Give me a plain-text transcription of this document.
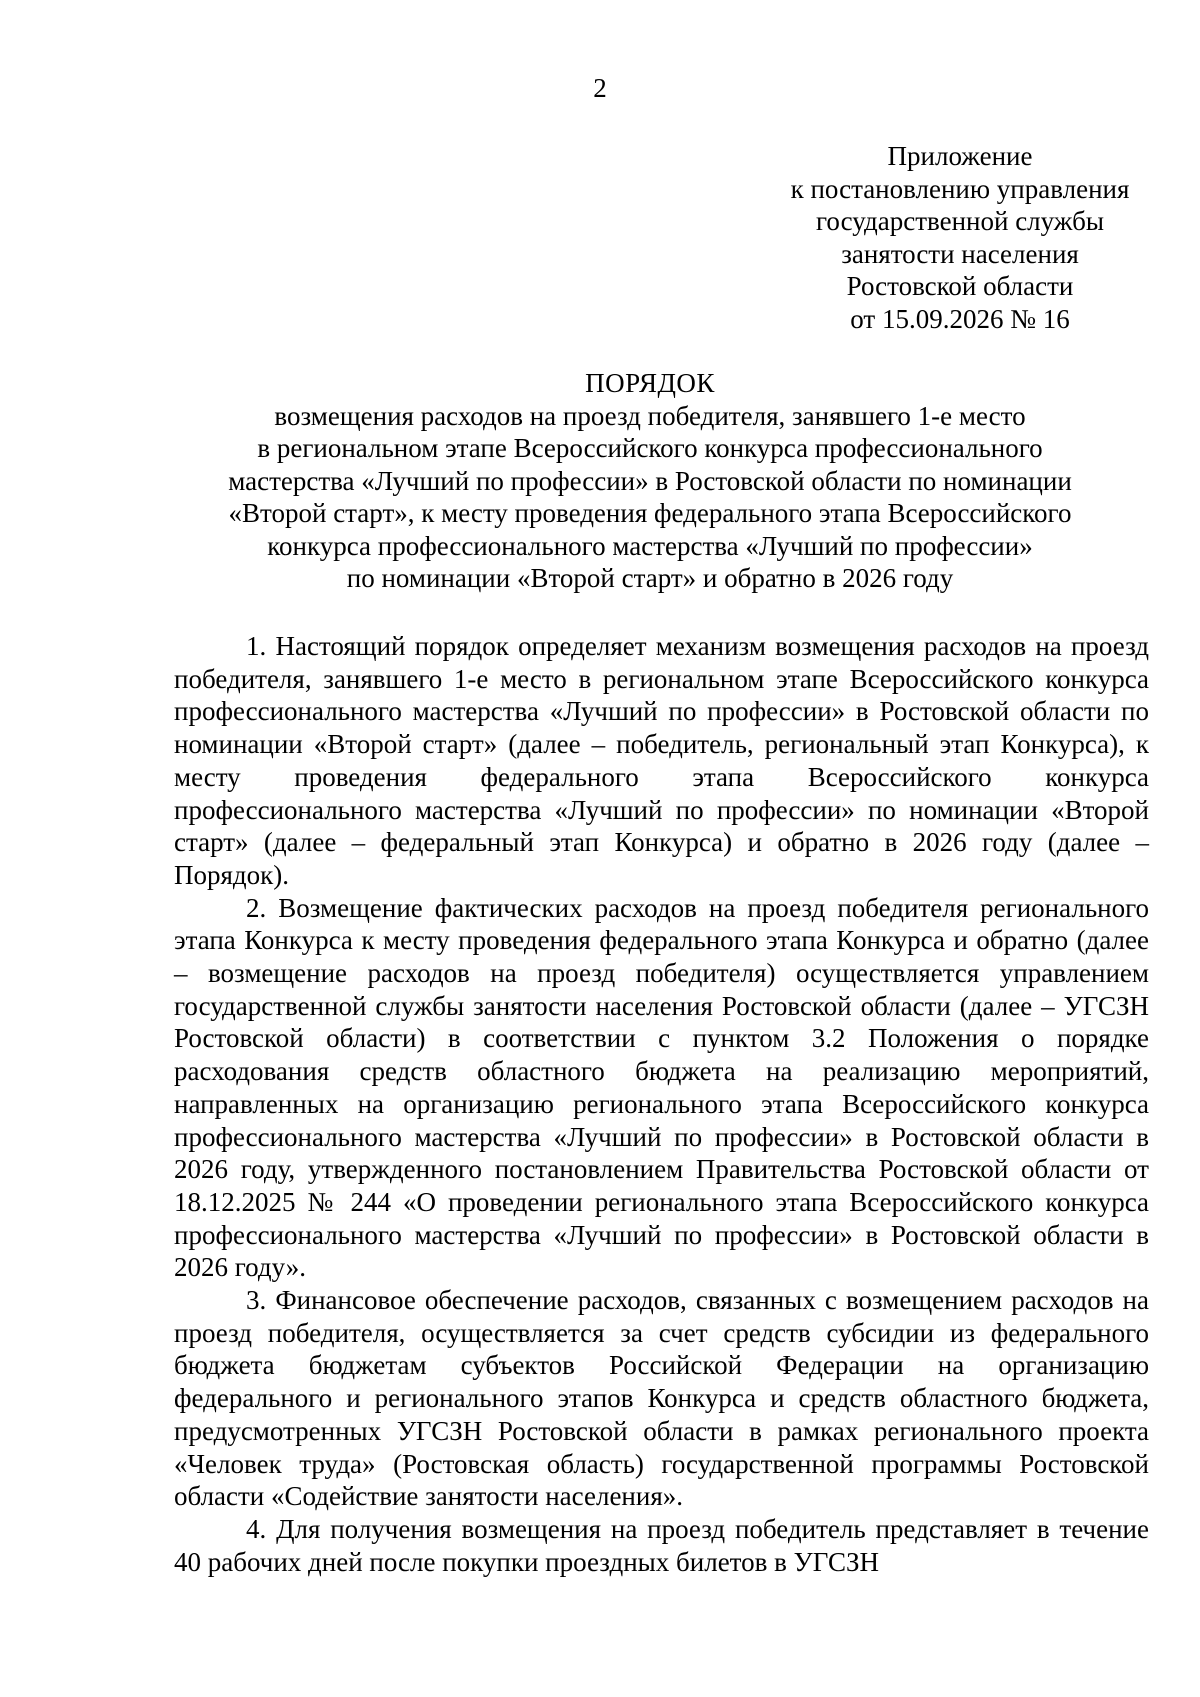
2
Приложение
к постановлению управления
государственной службы
занятости населения
Ростовской области
от 15.09.2026 № 16
ПОРЯДОК
возмещения расходов на проезд победителя, занявшего 1-е место
в региональном этапе Всероссийского конкурса профессионального
мастерства «Лучший по профессии» в Ростовской области по номинации
«Второй старт», к месту проведения федерального этапа Всероссийского
конкурса профессионального мастерства «Лучший по профессии»
по номинации «Второй старт» и обратно в 2026 году

1. Настоящий порядок определяет механизм возмещения расходов на проезд победителя, занявшего 1-е место в региональном этапе Всероссийского конкурса профессионального мастерства «Лучший по профессии» в Ростовской области по номинации «Второй старт» (далее – победитель, региональный этап Конкурса), к месту проведения федерального этапа Всероссийского конкурса профессионального мастерства «Лучший по профессии» по номинации «Второй старт» (далее – федеральный этап Конкурса) и обратно в 2026 году (далее – Порядок).

2. Возмещение фактических расходов на проезд победителя регионального этапа Конкурса к месту проведения федерального этапа Конкурса и обратно (далее – возмещение расходов на проезд победителя) осуществляется управлением государственной службы занятости населения Ростовской области (далее – УГСЗН Ростовской области) в соответствии с пунктом 3.2 Положения о порядке расходования средств областного бюджета на реализацию мероприятий, направленных на организацию регионального этапа Всероссийского конкурса профессионального мастерства «Лучший по профессии» в Ростовской области в 2026 году, утвержденного постановлением Правительства Ростовской области от 18.12.2025 № 244 «О проведении регионального этапа Всероссийского конкурса профессионального мастерства «Лучший по профессии» в Ростовской области в 2026 году».

3. Финансовое обеспечение расходов, связанных с возмещением расходов на проезд победителя, осуществляется за счет средств субсидии из федерального бюджета бюджетам субъектов Российской Федерации на организацию федерального и регионального этапов Конкурса и средств областного бюджета, предусмотренных УГСЗН Ростовской области в рамках регионального проекта «Человек труда» (Ростовская область) государственной программы Ростовской области «Содействие занятости населения».

4. Для получения возмещения на проезд победитель представляет в течение 40 рабочих дней после покупки проездных билетов в УГСЗН
